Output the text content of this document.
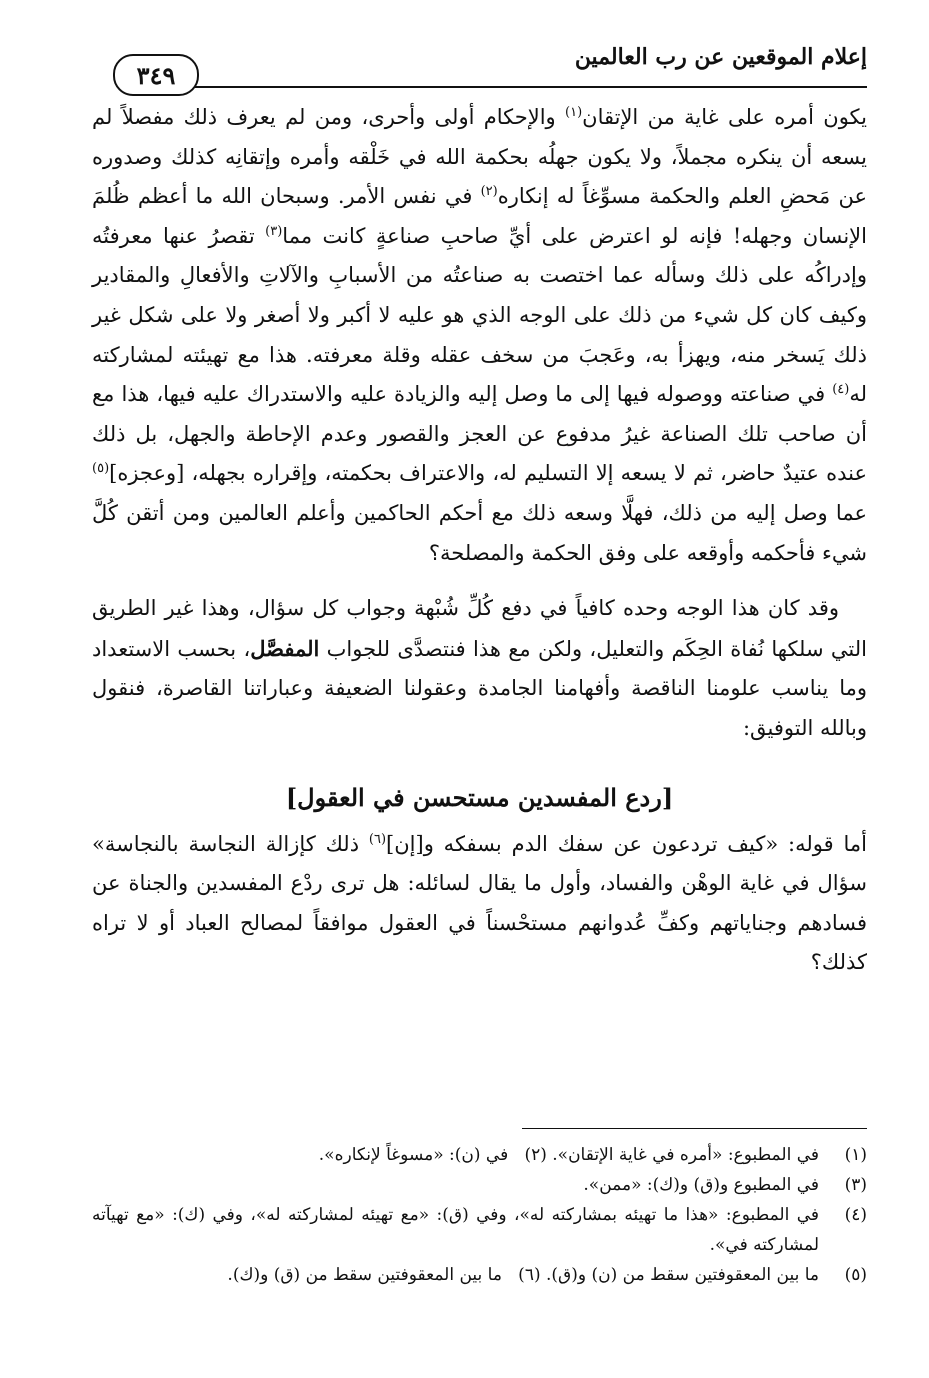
إعلام الموقعين عن رب العالمين
٣٤٩

يكون أمره على غاية من الإتقان$^{(١)}$ والإحكام أولى وأحرى، ومن لم يعرف ذلك مفصلاً لم يسعه أن ينكره مجملاً، ولا يكون جهلُه بحكمة الله في خَلْقه وأمره وإتقانِه كذلك وصدوره عن مَحضِ العلم والحكمة مسوِّغاً له إنكاره$^{(٢)}$ في نفس الأمر. وسبحان الله ما أعظم ظُلمَ الإنسان وجهله! فإنه لو اعترض على أيِّ صاحبِ صناعةٍ كانت مما$^{(٣)}$ تقصرُ عنها معرفتُه وإدراكُه على ذلك وسأله عما اختصت به صناعتُه من الأسبابِ والآلاتِ والأفعالِ والمقادير وكيف كان كل شيء من ذلك على الوجه الذي هو عليه لا أكبر ولا أصغر ولا على شكل غير ذلك يَسخر منه، ويهزأ به، وعَجبَ من سخف عقله وقلة معرفته. هذا مع تهيئته لمشاركته له$^{(٤)}$ في صناعته ووصوله فيها إلى ما وصل إليه والزيادة عليه والاستدراك عليه فيها، هذا مع أن صاحب تلك الصناعة غيرُ مدفوع عن العجز والقصور وعدم الإحاطة والجهل، بل ذلك عنده عتيدٌ حاضر، ثم لا يسعه إلا التسليم له، والاعتراف بحكمته، وإقراره بجهله، [وعجزه]$^{(٥)}$ عما وصل إليه من ذلك، فهلَّا وسعه ذلك مع أحكم الحاكمين وأعلم العالمين ومن أتقن كُلَّ شيء فأحكمه وأوقعه على وفق الحكمة والمصلحة؟

وقد كان هذا الوجه وحده كافياً في دفع كُلِّ شُبْهة وجواب كل سؤال، وهذا غير الطريق التي سلكها نُفاة الحِكَم والتعليل، ولكن مع هذا فنتصدَّى للجواب المفصَّل، بحسب الاستعداد وما يناسب علومنا الناقصة وأفهامنا الجامدة وعقولنا الضعيفة وعباراتنا القاصرة، فنقول وبالله التوفيق:

[ردع المفسدين مستحسن في العقول]

أما قوله: «كيف تردعون عن سفك الدم بسفكه و[إن]$^{(٦)}$ ذلك كإزالة النجاسة بالنجاسة» سؤال في غاية الوهْن والفساد، وأول ما يقال لسائله: هل ترى ردْع المفسدين والجناة عن فسادهم وجناياتهم وكفِّ عُدوانهم مستحْسناً في العقول موافقاً لمصالح العباد أو لا تراه كذلك؟

(١)
في المطبوع: «أمره في غاية الإتقان». (٢)   في (ن): «مسوغاً لإنكاره».
(٣)
في المطبوع و(ق) و(ك): «ممن».
(٤)
في المطبوع: «هذا ما تهيئه بمشاركته له»، وفي (ق): «مع تهيئه لمشاركته له»، وفي (ك): «مع تهيآته لمشاركته في».
(٥)
ما بين المعقوفتين سقط من (ن) و(ق). (٦)   ما بين المعقوفتين سقط من (ق) و(ك).
